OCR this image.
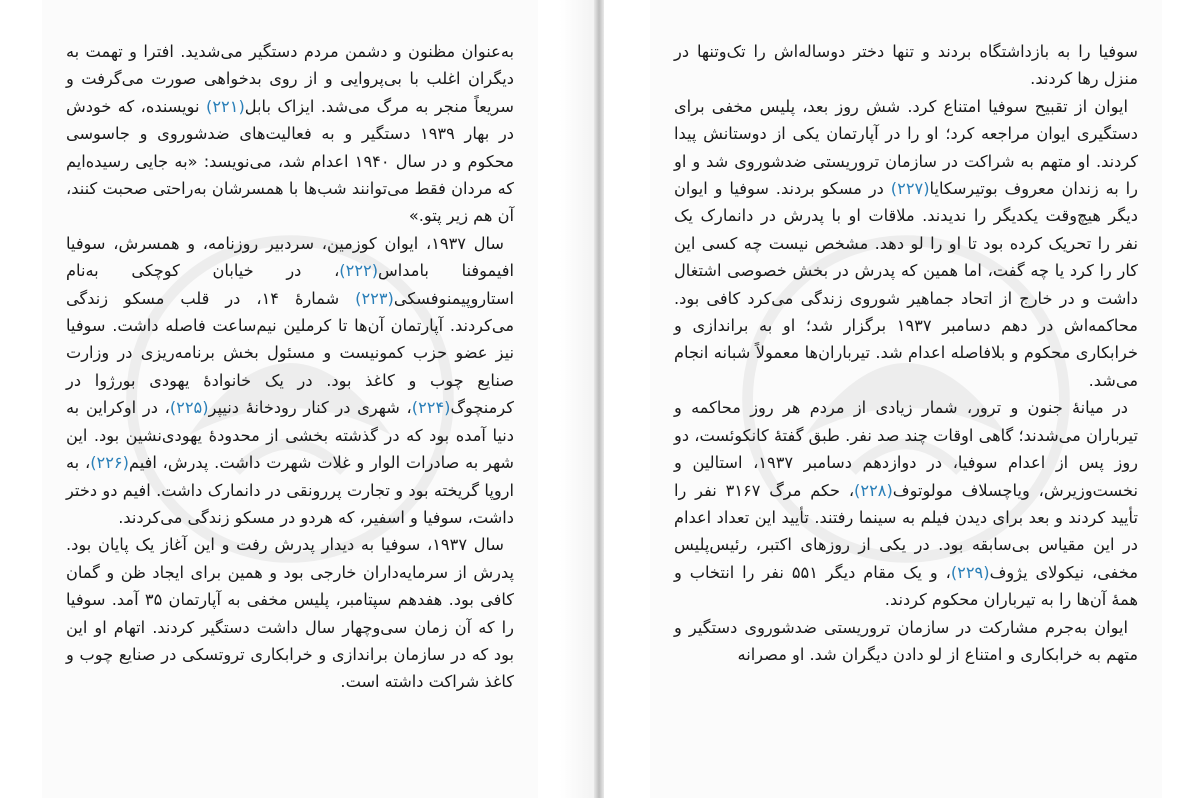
به‌عنوان مظنون و دشمن مردم دستگیر می‌شدید. افترا و تهمت به دیگران اغلب با بی‌پروایی و از روی بدخواهی صورت می‌گرفت و سریعاً منجر به مرگ می‌شد. ایزاک بابل(۲۲۱) نویسنده، که خودش در بهار ۱۹۳۹ دستگیر و به فعالیت‌های ضدشوروی و جاسوسی محکوم و در سال ۱۹۴۰ اعدام شد، می‌نویسد: «به جایی رسیده‌ایم که مردان فقط می‌توانند شب‌ها با همسرشان به‌راحتی صحبت کنند، آن هم زیر پتو.»

سال ۱۹۳۷، ایوان کوزمین، سردبیر روزنامه، و همسرش، سوفیا افیموفنا بامداس(۲۲۲)، در خیابان کوچکی به‌نام استاروپیمنوفسکی(۲۲۳) شمارهٔ ۱۴، در قلب مسکو زندگی می‌کردند. آپارتمان آن‌ها تا کرملین نیم‌ساعت فاصله داشت. سوفیا نیز عضو حزب کمونیست و مسئول بخش برنامه‌ریزی در وزارت صنایع چوب و کاغذ بود. در یک خانوادهٔ یهودی بورژوا در کرمنچوگ(۲۲۴)، شهری در کنار رودخانهٔ دنیپر(۲۲۵)، در اوکراین به دنیا آمده بود که در گذشته بخشی از محدودهٔ یهودی‌نشین بود. این شهر به صادرات الوار و غلات شهرت داشت. پدرش، افیم(۲۲۶)، به اروپا گریخته بود و تجارت پررونقی در دانمارک داشت. افیم دو دختر داشت، سوفیا و اسفیر، که هردو در مسکو زندگی می‌کردند.

سال ۱۹۳۷، سوفیا به دیدار پدرش رفت و این آغاز یک پایان بود. پدرش از سرمایه‌داران خارجی بود و همین برای ایجاد ظن و گمان کافی بود. هفدهم سپتامبر، پلیس مخفی به آپارتمان ۳۵ آمد. سوفیا را که آن زمان سی‌وچهار سال داشت دستگیر کردند. اتهام او این بود که در سازمان براندازی و خرابکاری تروتسکی در صنایع چوب و کاغذ شراکت داشته است.

سوفیا را به بازداشتگاه بردند و تنها دختر دوساله‌اش را تک‌وتنها در منزل رها کردند.

ایوان از تقبیح سوفیا امتناع کرد. شش روز بعد، پلیس مخفی برای دستگیری ایوان مراجعه کرد؛ او را در آپارتمان یکی از دوستانش پیدا کردند. او متهم به شراکت در سازمان تروریستی ضدشوروی شد و او را به زندان معروف بوتیرسکایا(۲۲۷) در مسکو بردند. سوفیا و ایوان دیگر هیچ‌وقت یکدیگر را ندیدند. ملاقات او با پدرش در دانمارک یک نفر را تحریک کرده بود تا او را لو دهد. مشخص نیست چه کسی این کار را کرد یا چه گفت، اما همین که پدرش در بخش خصوصی اشتغال داشت و در خارج از اتحاد جماهیر شوروی زندگی می‌کرد کافی بود. محاکمه‌اش در دهم دسامبر ۱۹۳۷ برگزار شد؛ او به براندازی و خرابکاری محکوم و بلافاصله اعدام شد. تیرباران‌ها معمولاً شبانه انجام می‌شد.

در میانهٔ جنون و ترور، شمار زیادی از مردم هر روز محاکمه و تیرباران می‌شدند؛ گاهی اوقات چند صد نفر. طبق گفتهٔ کانکوئست، دو روز پس از اعدام سوفیا، در دوازدهم دسامبر ۱۹۳۷، استالین و نخست‌وزیرش، ویاچسلاف مولوتوف(۲۲۸)، حکم مرگ ۳۱۶۷ نفر را تأیید کردند و بعد برای دیدن فیلم به سینما رفتند. تأیید این تعداد اعدام در این مقیاس بی‌سابقه بود. در یکی از روزهای اکتبر، رئیس‌پلیس مخفی، نیکولای یژوف(۲۲۹)، و یک مقام دیگر ۵۵۱ نفر را انتخاب و همهٔ آن‌ها را به تیرباران محکوم کردند.

ایوان به‌جرم مشارکت در سازمان تروریستی ضدشوروی دستگیر و متهم به خرابکاری و امتناع از لو دادن دیگران شد. او مصرانه
